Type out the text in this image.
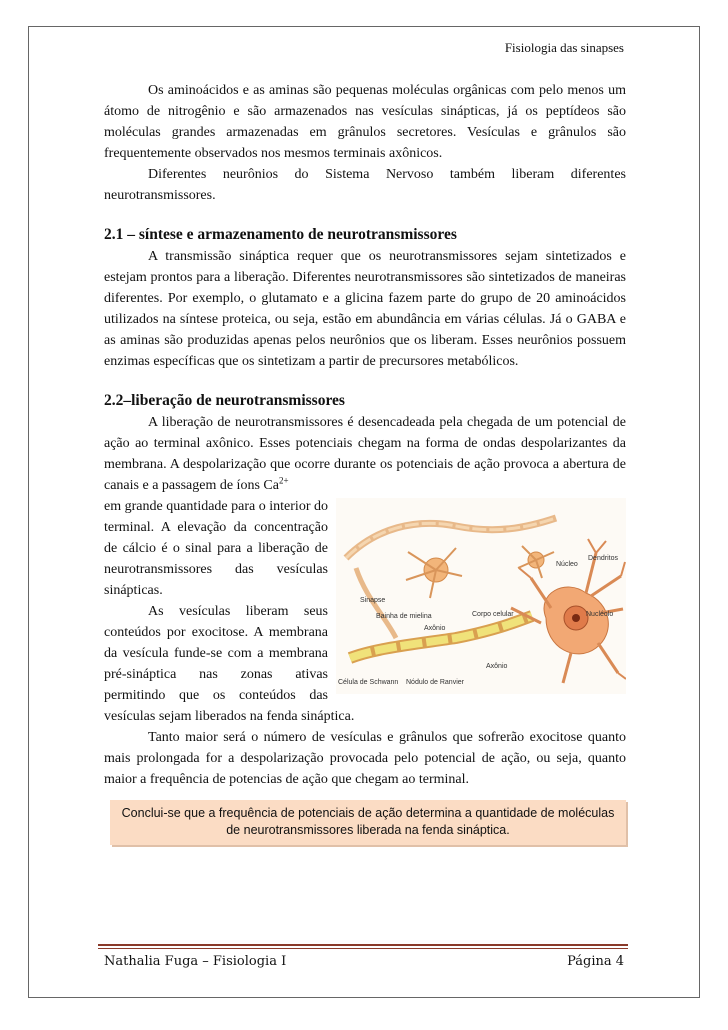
Fisiologia das sinapses

Os aminoácidos e as aminas são pequenas moléculas orgânicas com pelo menos um átomo de nitrogênio e são armazenados nas vesículas sinápticas, já os peptídeos são moléculas grandes armazenadas em grânulos secretores. Vesículas e grânulos são frequentemente observados nos mesmos terminais axônicos.

Diferentes neurônios do Sistema Nervoso também liberam diferentes neurotransmissores.

2.1 – síntese e armazenamento de neurotransmissores

A transmissão sináptica requer que os neurotransmissores sejam sintetizados e estejam prontos para a liberação. Diferentes neurotransmissores são sintetizados de maneiras diferentes. Por exemplo, o glutamato e a glicina fazem parte do grupo de 20 aminoácidos utilizados na síntese proteica, ou seja, estão em abundância em várias células. Já o GABA e as aminas são produzidas apenas pelos neurônios que os liberam. Esses neurônios possuem enzimas específicas que os sintetizam a partir de precursores metabólicos.

2.2–liberação de neurotransmissores

A liberação de neurotransmissores é desencadeada pela chegada de um potencial de ação ao terminal axônico. Esses potenciais chegam na forma de ondas despolarizantes da membrana. A despolarização que ocorre durante os potenciais de ação provoca a abertura de canais e a passagem de íons $Ca^{2+}$

Dendritos
Núcleo
Nucléolo
Sinapse
Bainha de mielina
Axônio
Corpo celular
Célula de Schwann Nódulo de Ranvier
Axônio

em grande quantidade para o interior do terminal. A elevação da concentração de cálcio é o sinal para a liberação de neurotransmissores das vesículas sinápticas.

As vesículas liberam seus conteúdos por exocitose. A membrana da vesícula funde-se com a membrana pré-sináptica nas zonas ativas permitindo que os conteúdos das vesículas sejam liberados na fenda sináptica.

Tanto maior será o número de vesículas e grânulos que sofrerão exocitose quanto mais prolongada for a despolarização provocada pelo potencial de ação, ou seja, quanto maior a frequência de potencias de ação que chegam ao terminal.

Conclui-se que a frequência de potenciais de ação determina a quantidade de moléculas de neurotransmissores liberada na fenda sináptica.
Nathalia Fuga – Fisiologia I	Página 4
